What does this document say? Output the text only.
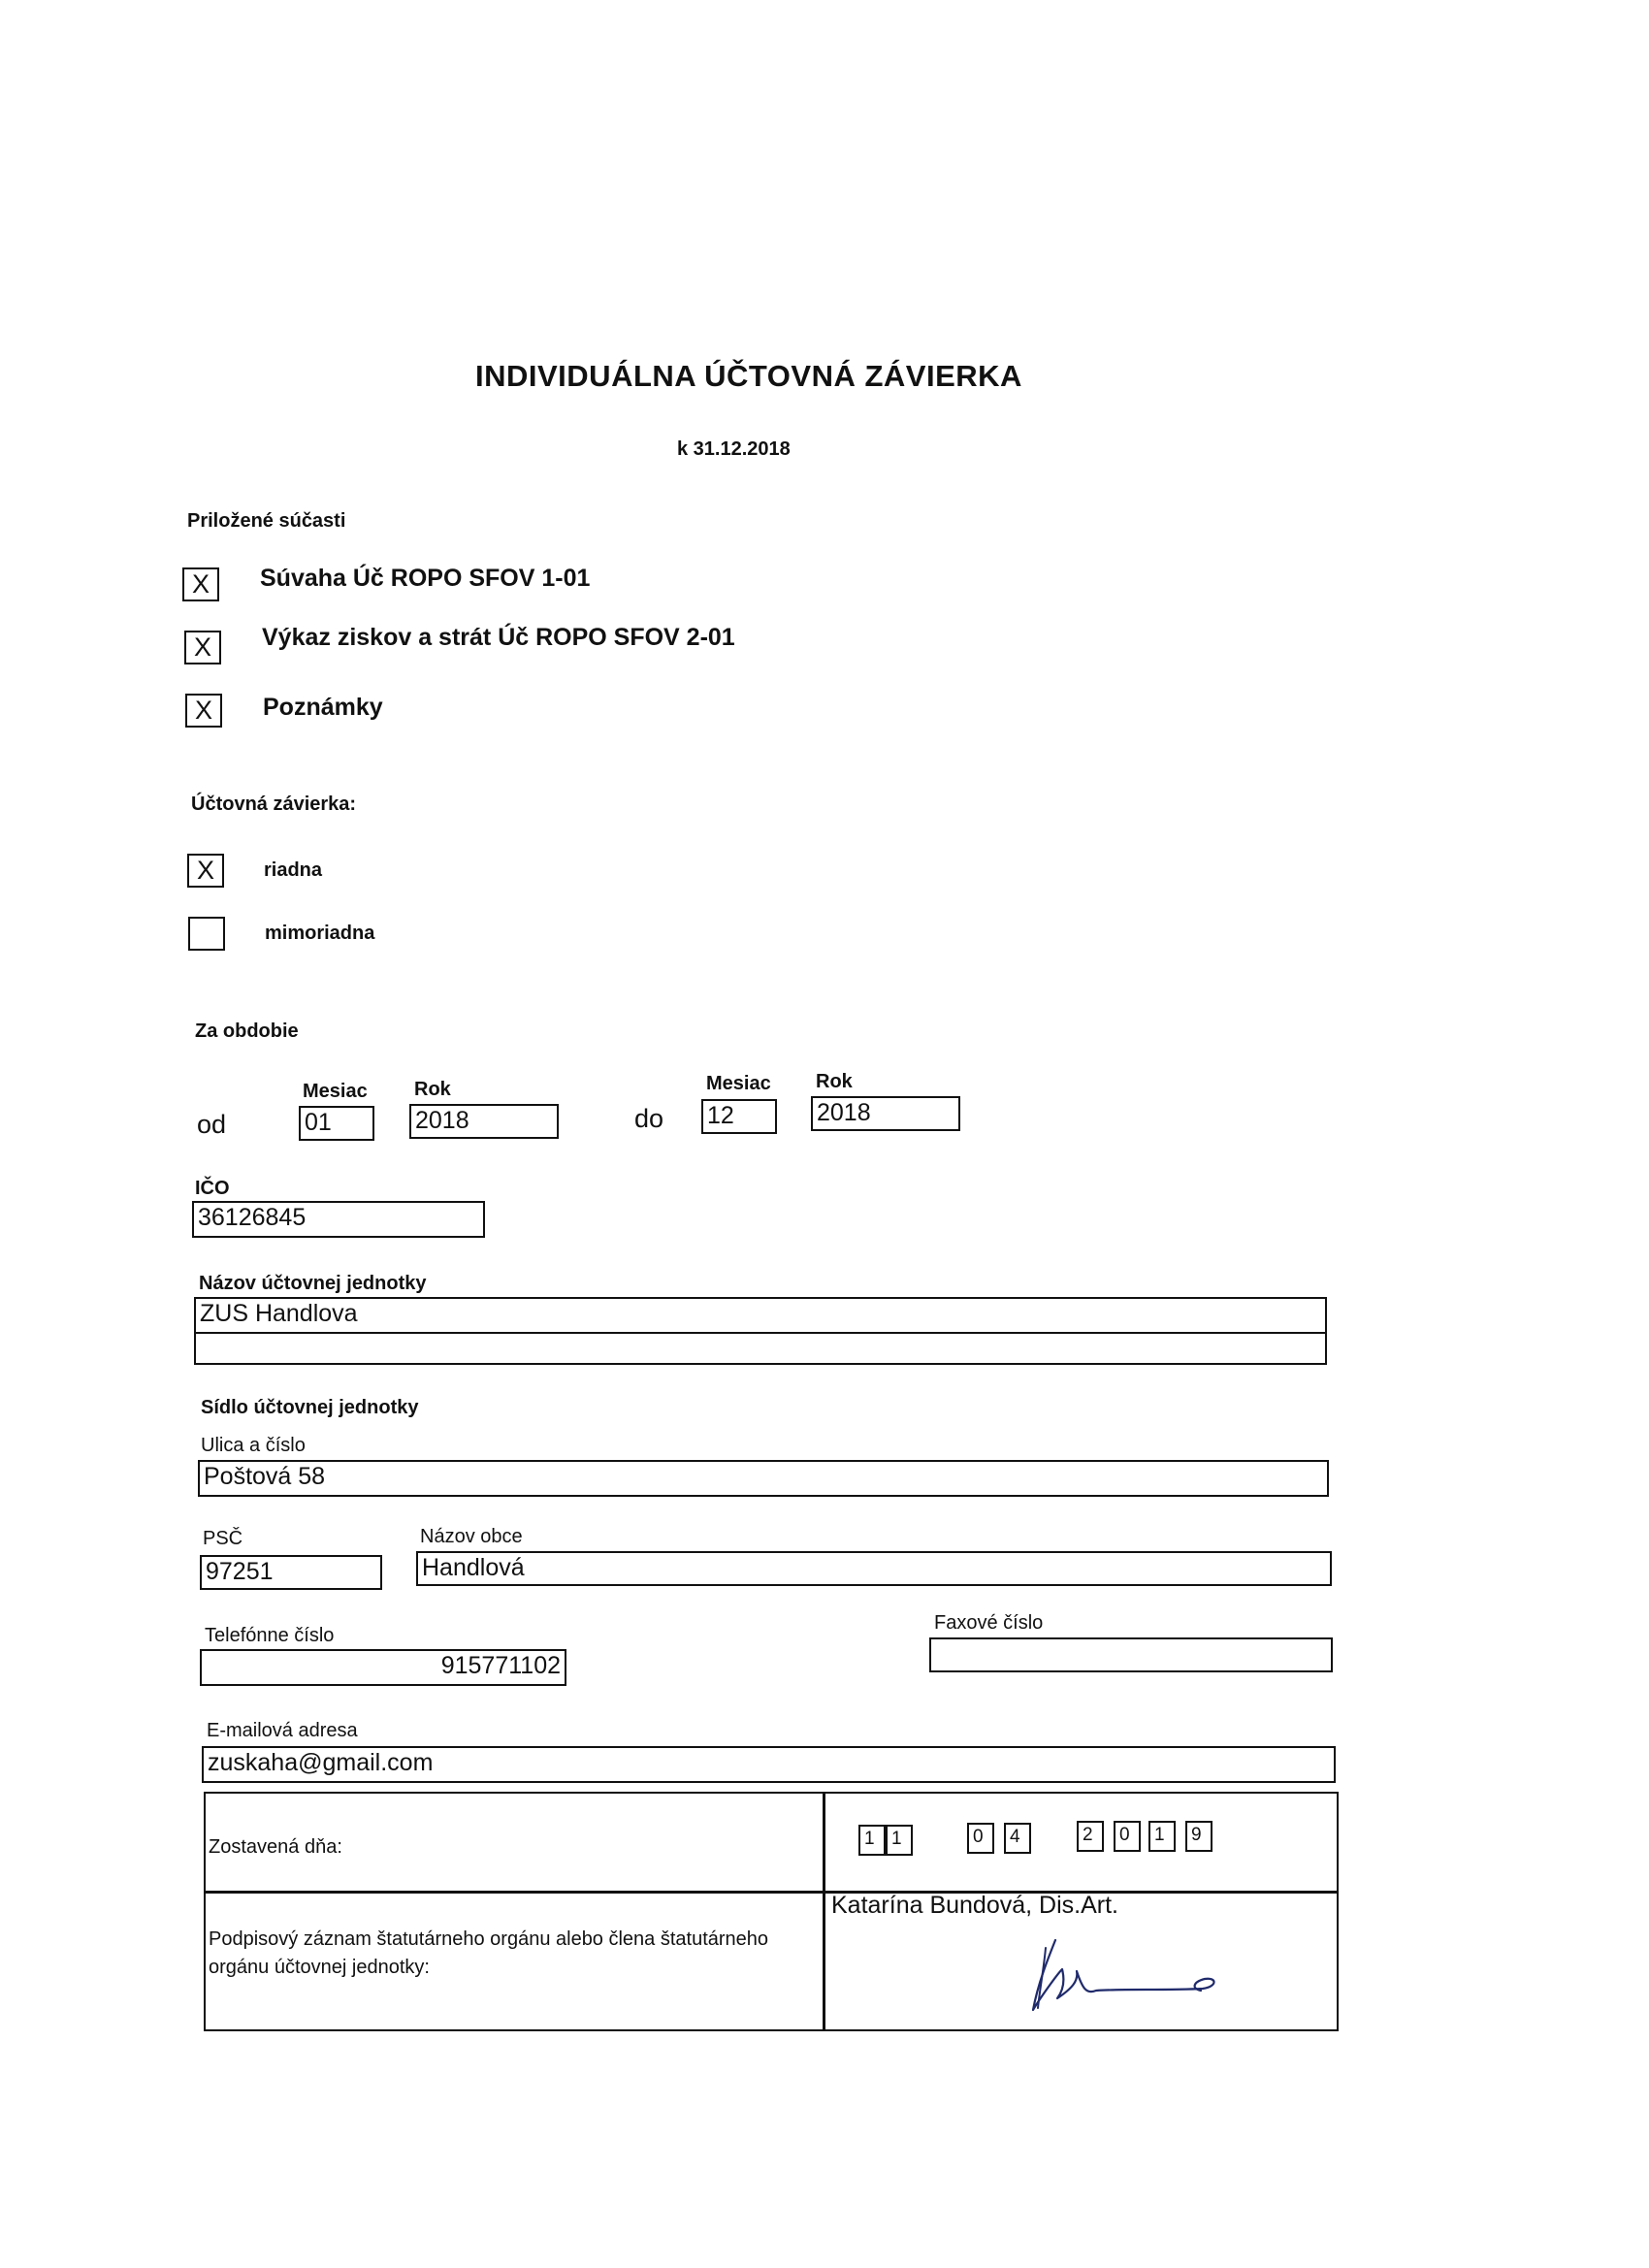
INDIVIDUÁLNA ÚČTOVNÁ ZÁVIERKA
k 31.12.2018
Priložené súčasti
X	Súvaha Úč ROPO SFOV 1-01
X	Výkaz ziskov a strát Úč ROPO SFOV 2-01
X	Poznámky
Účtovná závierka:
X	riadna
mimoriadna
Za obdobie
Mesiac Rok	Mesiac Rok
od	01	2018	do 12	2018
IČO
36126845
Názov účtovnej jednotky
ZUS Handlova
Sídlo účtovnej jednotky
Ulica a číslo
Poštová 58
PSČ
97251
Názov obce
Handlová
Telefónne číslo
915771102
Faxové číslo
E-mailová adresa
zuskaha@gmail.com
Zostavená dňa:	1 1	0	4	2	0	1	9
Podpisový záznam štatutárneho orgánu alebo člena štatutárneho orgánu účtovnej jednotky:
Katarína Bundová, Dis.Art.
